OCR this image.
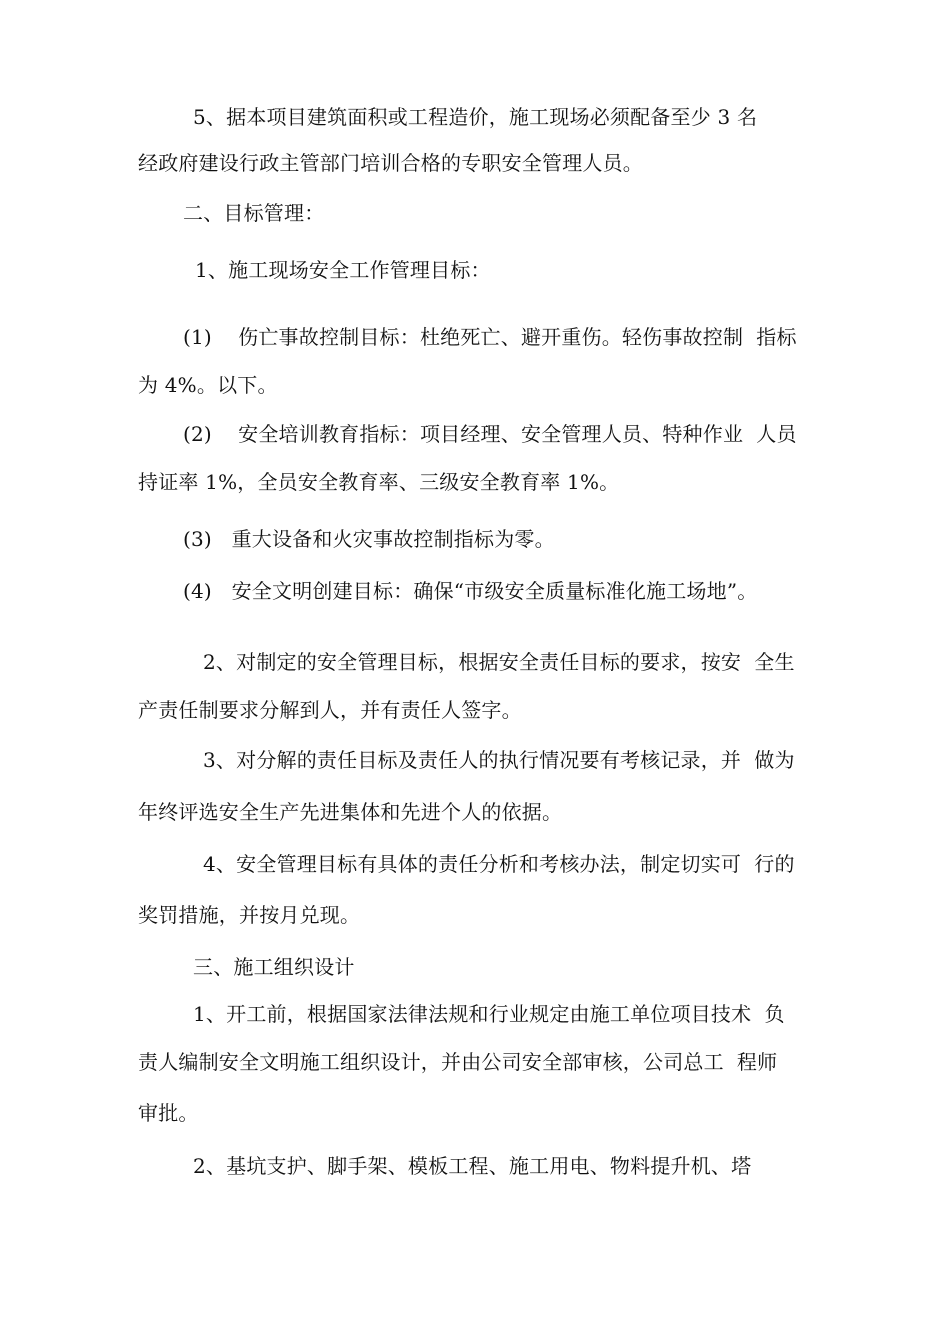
5、据本项目建筑面积或工程造价，施工现场必须配备至少 3 名
经政府建设行政主管部门培训合格的专职安全管理人员。
二、目标管理：
1、施工现场安全工作管理目标：
(1)    伤亡事故控制目标：杜绝死亡、避开重伤。轻伤事故控制  指标
为 4%。以下。
(2)    安全培训教育指标：项目经理、安全管理人员、特种作业  人员
持证率 1%，全员安全教育率、三级安全教育率 1%。
(3)   重大设备和火灾事故控制指标为零。
(4)   安全文明创建目标：确保“市级安全质量标准化施工场地”。
2、对制定的安全管理目标，根据安全责任目标的要求，按安  全生
产责任制要求分解到人，并有责任人签字。
3、对分解的责任目标及责任人的执行情况要有考核记录，并  做为
年终评选安全生产先进集体和先进个人的依据。
4、安全管理目标有具体的责任分析和考核办法，制定切实可  行的
奖罚措施，并按月兑现。
三、施工组织设计
1、开工前，根据国家法律法规和行业规定由施工单位项目技术  负
责人编制安全文明施工组织设计，并由公司安全部审核，公司总工  程师
审批。
2、基坑支护、脚手架、模板工程、施工用电、物料提升机、塔
